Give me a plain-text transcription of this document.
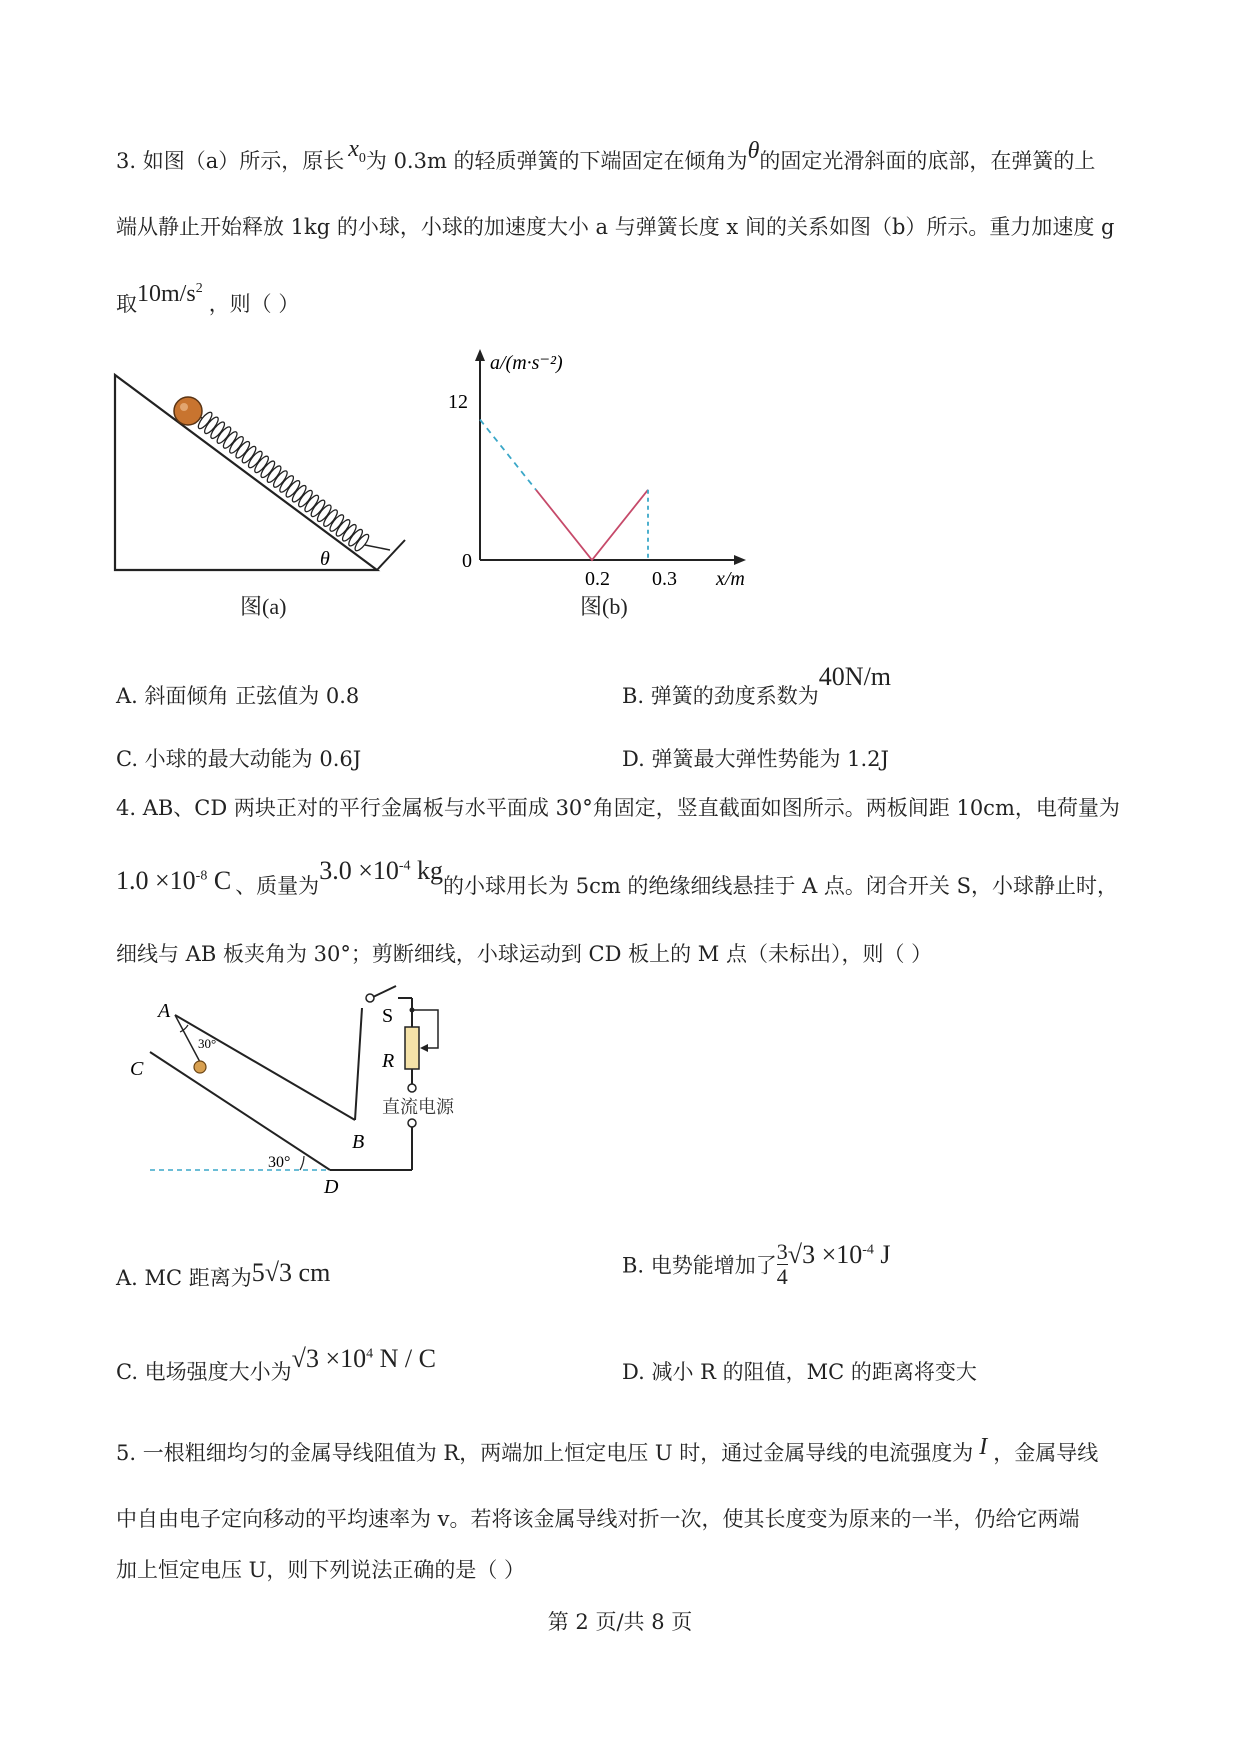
3. 如图（a）所示，原长 $x_0$为 0.3m 的轻质弹簧的下端固定在倾角为θ的固定光滑斜面的底部，在弹簧的上
端从静止开始释放 1kg 的小球，小球的加速度大小 a 与弹簧长度 x 间的关系如图（b）所示。重力加速度 g
取$10m/s^2$，则（ ）
θ
图(a)
a/(m·s⁻²)
12
0
0.2 0.3 x/m
图(b)
A. 斜面倾角 正弦值为 0.8	B. 弹簧的劲度系数为40N/m
C. 小球的最大动能为 0.6J	D. 弹簧最大弹性势能为 1.2J
4. AB、CD 两块正对的平行金属板与水平面成 30°角固定，竖直截面如图所示。两板间距 10cm，电荷量为
$1.0 \times 10^{-8}$ C 、质量为$3.0 \times 10^{-4}$ kg的小球用长为 5cm 的绝缘细线悬挂于 A 点。闭合开关 S，小球静止时，
细线与 AB 板夹角为 30°；剪断细线，小球运动到 CD 板上的 M 点（未标出），则（ ）
S
R
直流电源
30°
30°
A
B
C
D
A. MC 距离为5√3 cm	B. 电势能增加了 $\frac{3}{4} √3 \times 10^{-4}$ J
C. 电场强度大小为$√3 \times 10^4$ N / C	D. 减小 R 的阻值，MC 的距离将变大
5. 一根粗细均匀的金属导线阻值为 R，两端加上恒定电压 U 时，通过金属导线的电流强度为 I ，金属导线
中自由电子定向移动的平均速率为 v。若将该金属导线对折一次，使其长度变为原来的一半，仍给它两端
加上恒定电压 U，则下列说法正确的是（ ）
第 2 页/共 8 页
